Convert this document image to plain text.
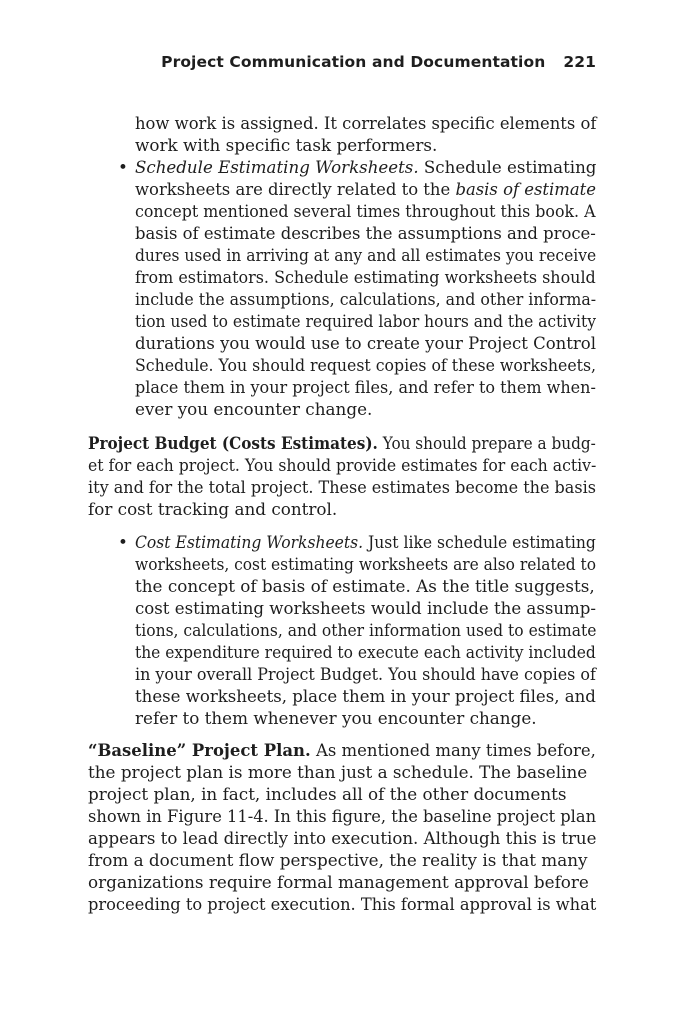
Project Communication and Documentation 221
how work is assigned. It correlates specific elements of
work with specific task performers.
• Schedule Estimating Worksheets. Schedule estimating
worksheets are directly related to the basis of estimate
concept mentioned several times throughout this book. A
basis of estimate describes the assumptions and proce-
dures used in arriving at any and all estimates you receive
from estimators. Schedule estimating worksheets should
include the assumptions, calculations, and other informa-
tion used to estimate required labor hours and the activity
durations you would use to create your Project Control
Schedule. You should request copies of these worksheets,
place them in your project files, and refer to them when-
ever you encounter change.
Project Budget (Costs Estimates). You should prepare a budg-
et for each project. You should provide estimates for each activ-
ity and for the total project. These estimates become the basis
for cost tracking and control.
• Cost Estimating Worksheets. Just like schedule estimating
worksheets, cost estimating worksheets are also related to
the concept of basis of estimate. As the title suggests,
cost estimating worksheets would include the assump-
tions, calculations, and other information used to estimate
the expenditure required to execute each activity included
in your overall Project Budget. You should have copies of
these worksheets, place them in your project files, and
refer to them whenever you encounter change.
“Baseline” Project Plan. As mentioned many times before,
the project plan is more than just a schedule. The baseline
project plan, in fact, includes all of the other documents
shown in Figure 11-4. In this figure, the baseline project plan
appears to lead directly into execution. Although this is true
from a document flow perspective, the reality is that many
organizations require formal management approval before
proceeding to project execution. This formal approval is what
